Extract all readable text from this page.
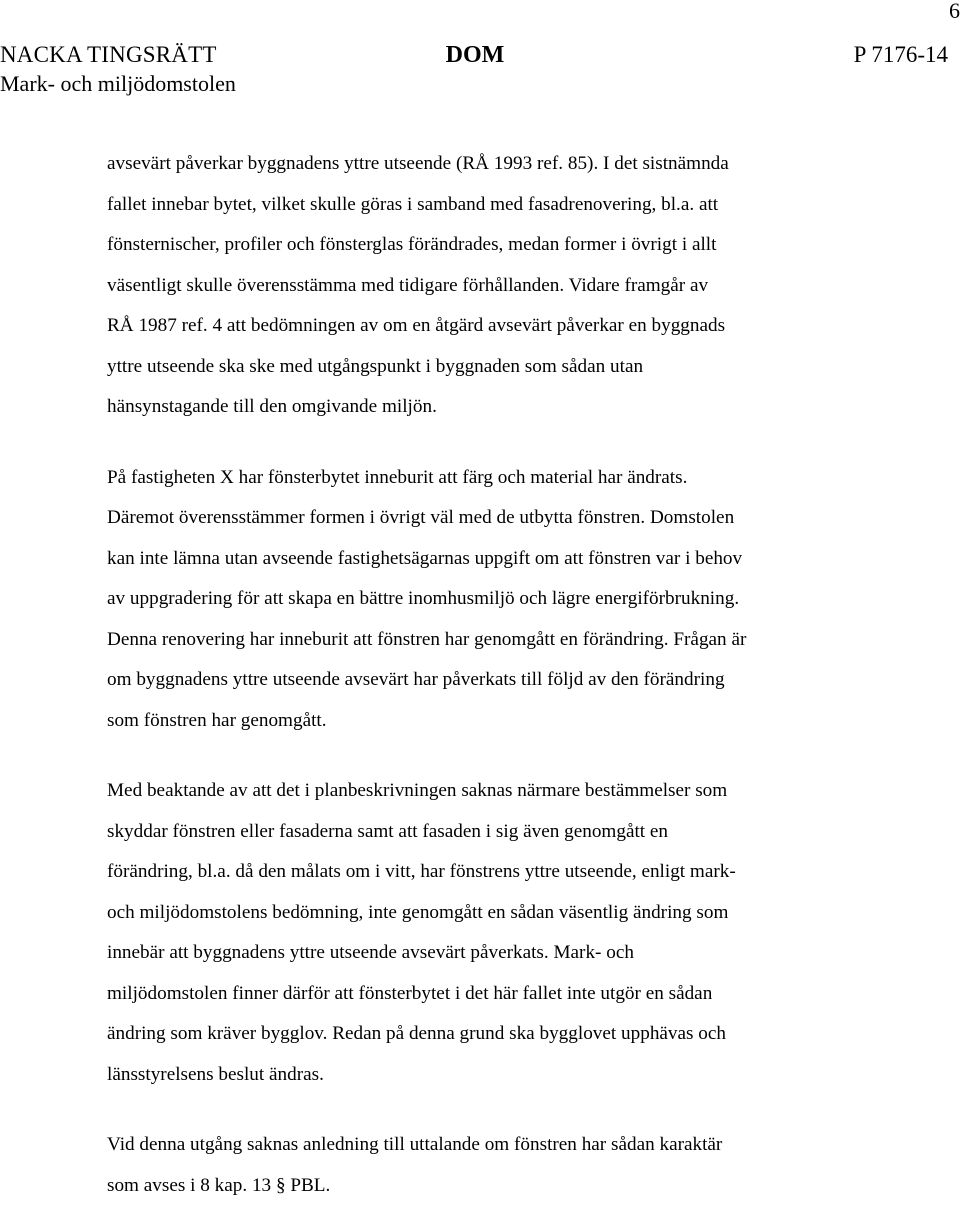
6
NACKA TINGSRÄTT
Mark- och miljödomstolen
DOM	P 7176-14

avsevärt påverkar byggnadens yttre utseende (RÅ 1993 ref. 85). I det sistnämnda
fallet innebar bytet, vilket skulle göras i samband med fasadrenovering, bl.a. att
fönsternischer, profiler och fönsterglas förändrades, medan former i övrigt i allt
väsentligt skulle överensstämma med tidigare förhållanden. Vidare framgår av
RÅ 1987 ref. 4 att bedömningen av om en åtgärd avsevärt påverkar en byggnads
yttre utseende ska ske med utgångspunkt i byggnaden som sådan utan
hänsynstagande till den omgivande miljön.

På fastigheten X har fönsterbytet inneburit att färg och material har ändrats.
Däremot överensstämmer formen i övrigt väl med de utbytta fönstren. Domstolen
kan inte lämna utan avseende fastighetsägarnas uppgift om att fönstren var i behov
av uppgradering för att skapa en bättre inomhusmiljö och lägre energiförbrukning.
Denna renovering har inneburit att fönstren har genomgått en förändring. Frågan är
om byggnadens yttre utseende avsevärt har påverkats till följd av den förändring
som fönstren har genomgått.

Med beaktande av att det i planbeskrivningen saknas närmare bestämmelser som
skyddar fönstren eller fasaderna samt att fasaden i sig även genomgått en
förändring, bl.a. då den målats om i vitt, har fönstrens yttre utseende, enligt mark-
och miljödomstolens bedömning, inte genomgått en sådan väsentlig ändring som
innebär att byggnadens yttre utseende avsevärt påverkats. Mark- och
miljödomstolen finner därför att fönsterbytet i det här fallet inte utgör en sådan
ändring som kräver bygglov. Redan på denna grund ska bygglovet upphävas och
länsstyrelsens beslut ändras.

Vid denna utgång saknas anledning till uttalande om fönstren har sådan karaktär
som avses i 8 kap. 13 § PBL.
